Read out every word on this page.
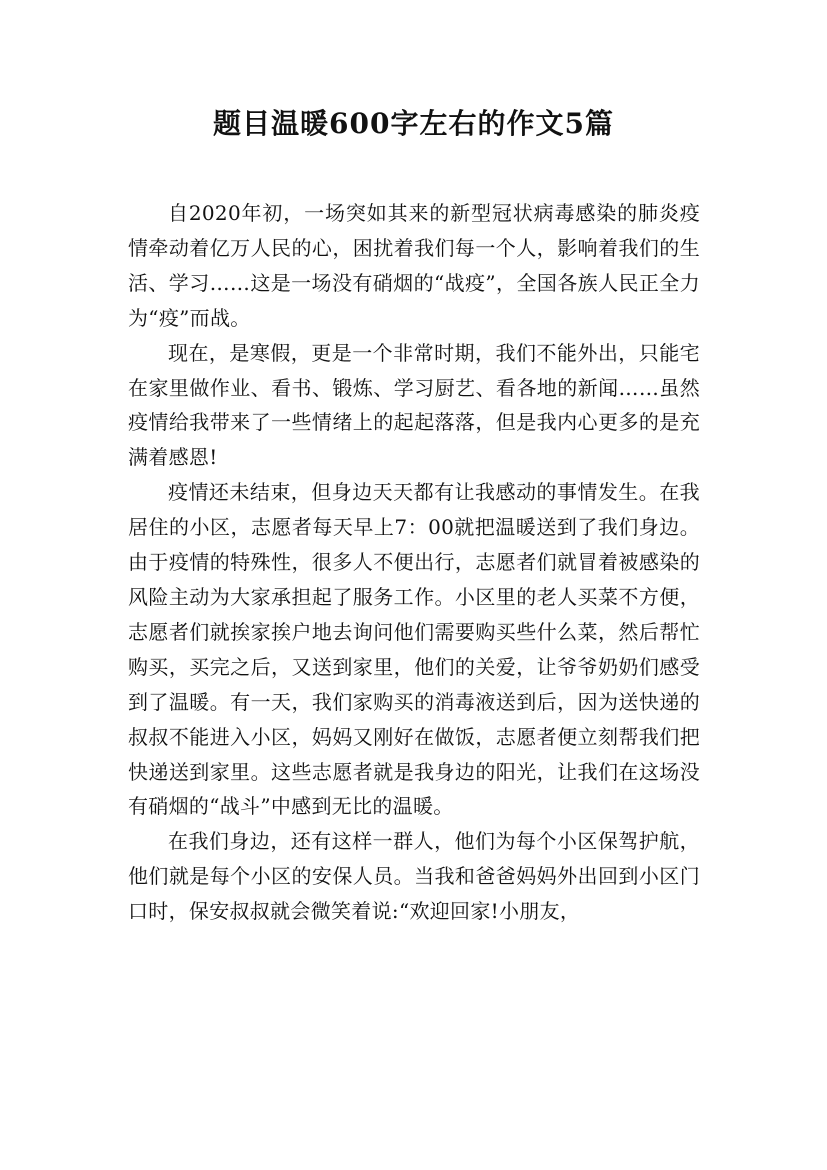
题目温暖600字左右的作文5篇

自2020年初，一场突如其来的新型冠状病毒感染的肺炎疫情牵动着亿万人民的心，困扰着我们每一个人，影响着我们的生活、学习……这是一场没有硝烟的“战疫”，全国各族人民正全力为“疫”而战。

现在，是寒假，更是一个非常时期，我们不能外出，只能宅在家里做作业、看书、锻炼、学习厨艺、看各地的新闻……虽然疫情给我带来了一些情绪上的起起落落，但是我内心更多的是充满着感恩!

疫情还未结束，但身边天天都有让我感动的事情发生。在我居住的小区，志愿者每天早上7：00就把温暖送到了我们身边。由于疫情的特殊性，很多人不便出行，志愿者们就冒着被感染的风险主动为大家承担起了服务工作。小区里的老人买菜不方便，志愿者们就挨家挨户地去询问他们需要购买些什么菜，然后帮忙购买，买完之后，又送到家里，他们的关爱，让爷爷奶奶们感受到了温暖。有一天，我们家购买的消毒液送到后，因为送快递的叔叔不能进入小区，妈妈又刚好在做饭，志愿者便立刻帮我们把快递送到家里。这些志愿者就是我身边的阳光，让我们在这场没有硝烟的“战斗”中感到无比的温暖。

在我们身边，还有这样一群人，他们为每个小区保驾护航，他们就是每个小区的安保人员。当我和爸爸妈妈外出回到小区门口时，保安叔叔就会微笑着说:“欢迎回家!小朋友，
